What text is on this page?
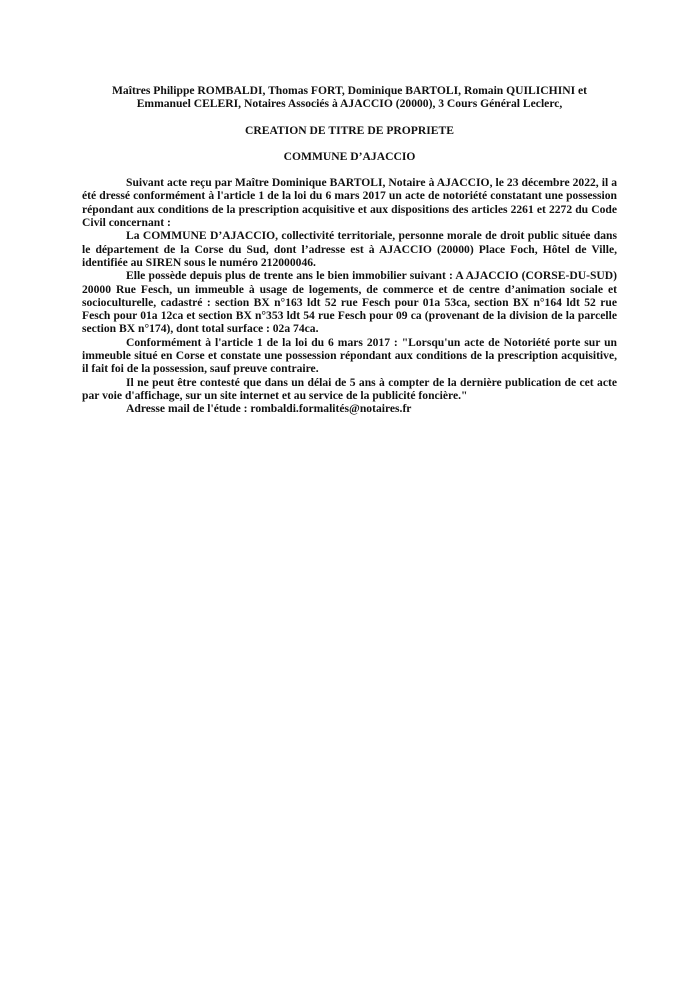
Maîtres Philippe ROMBALDI, Thomas FORT, Dominique BARTOLI, Romain QUILICHINI et
Emmanuel CELERI, Notaires Associés à AJACCIO (20000), 3 Cours Général Leclerc,
CREATION DE TITRE DE PROPRIETE
COMMUNE D’AJACCIO

Suivant acte reçu par Maître Dominique BARTOLI, Notaire à AJACCIO, le 23 décembre 2022, il a été dressé conformément à l'article 1 de la loi du 6 mars 2017 un acte de notoriété constatant une possession répondant aux conditions de la prescription acquisitive et aux dispositions des articles 2261 et 2272 du Code Civil concernant :

La COMMUNE D’AJACCIO, collectivité territoriale, personne morale de droit public située dans le département de la Corse du Sud, dont l’adresse est à AJACCIO (20000) Place Foch, Hôtel de Ville, identifiée au SIREN sous le numéro 212000046.

Elle possède depuis plus de trente ans le bien immobilier suivant : A AJACCIO (CORSE-DU-SUD) 20000 Rue Fesch, un immeuble à usage de logements, de commerce et de centre d’animation sociale et socioculturelle, cadastré : section BX n°163 ldt 52 rue Fesch pour 01a 53ca, section BX n°164 ldt 52 rue Fesch pour 01a 12ca et section BX n°353 ldt 54 rue Fesch pour 09 ca (provenant de la division de la parcelle section BX n°174), dont total surface : 02a 74ca.

Conformément à l'article 1 de la loi du 6 mars 2017 : "Lorsqu'un acte de Notoriété porte sur un immeuble situé en Corse et constate une possession répondant aux conditions de la prescription acquisitive, il fait foi de la possession, sauf preuve contraire.

Il ne peut être contesté que dans un délai de 5 ans à compter de la dernière publication de cet acte par voie d'affichage, sur un site internet et au service de la publicité foncière."

Adresse mail de l'étude : rombaldi.formalités@notaires.fr
